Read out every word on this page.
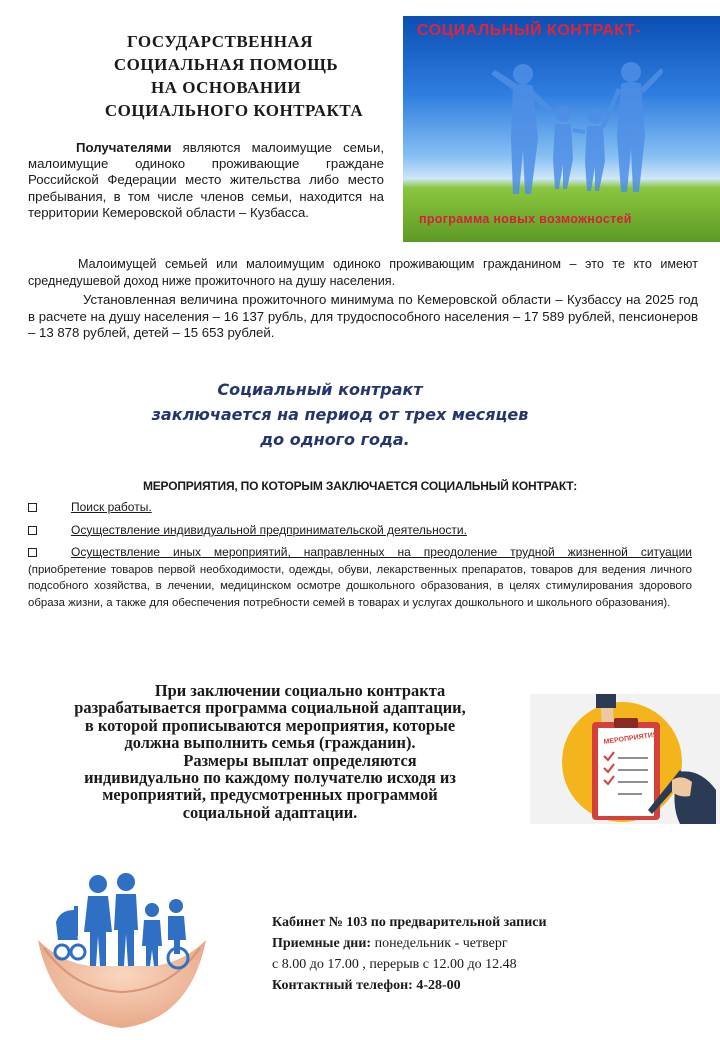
ГОСУДАРСТВЕННАЯ
СОЦИАЛЬНАЯ ПОМОЩЬ
НА ОСНОВАНИИ
СОЦИАЛЬНОГО КОНТРАКТА
СОЦИАЛЬНЫЙ КОНТРАКТ-
программа новых возможностей
Получателями являются малоимущие семьи, малоимущие одиноко проживающие граждане Российской Федерации место жительства либо место пребывания, в том числе членов семьи, находится на территории Кемеровской области – Кузбасса.
Малоимущей семьей или малоимущим одиноко проживающим гражданином – это те кто имеют среднедушевой доход ниже прожиточного на душу населения.
Установленная величина прожиточного минимума по Кемеровской области – Кузбассу на 2025 год в расчете на душу населения – 16 137 рубль, для трудоспособного населения – 17 589 рублей, пенсионеров – 13 878 рублей, детей – 15 653 рублей.
Социальный контракт
заключается на период от трех месяцев
до одного года.
МЕРОПРИЯТИЯ, ПО КОТОРЫМ ЗАКЛЮЧАЕТСЯ СОЦИАЛЬНЫЙ КОНТРАКТ:
Поиск работы.
Осуществление индивидуальной предпринимательской деятельности.
Осуществление иных мероприятий, направленных на преодоление трудной жизненной ситуации (приобретение товаров первой необходимости, одежды, обуви, лекарственных препаратов, товаров для ведения личного подсобного хозяйства, в лечении, медицинском осмотре дошкольного образования, в целях стимулирования здорового образа жизни, а также для обеспечения потребности семей в товарах и услугах дошкольного и школьного образования).
При заключении социально контракта
разрабатывается программа социальной адаптации,
в которой прописываются мероприятия, которые
должна выполнить семья (гражданин).
Размеры выплат определяются
индивидуально по каждому получателю исходя из
мероприятий, предусмотренных программой
социальной адаптации.
МЕРОПРИЯТИЯ
Кабинет № 103 по предварительной записи
Приемные дни: понедельник - четверг
с 8.00 до 17.00 , перерыв с 12.00 до 12.48
Контактный телефон: 4-28-00
